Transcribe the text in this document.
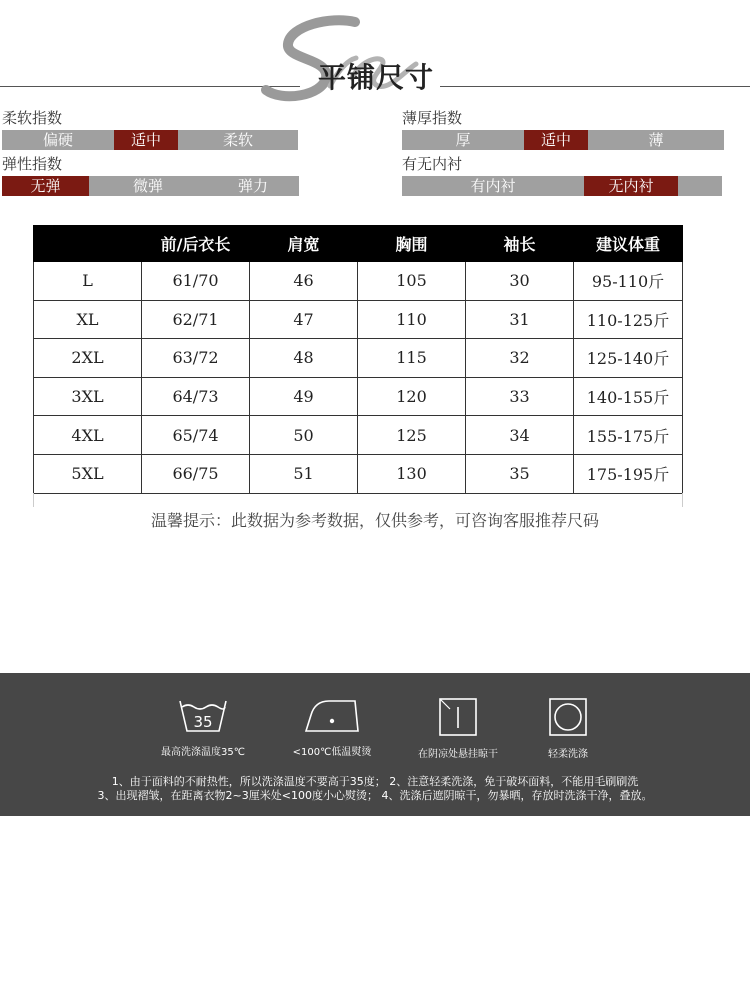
平铺尺寸
柔软指数
偏硬	适中	柔软
薄厚指数
厚	适中	薄
弹性指数
无弹	微弹	弹力
有无内衬
有内衬	无内衬
	前/后衣长	肩宽	胸围	袖长	建议体重
L	61/70	46	105	30	95-110斤
XL	62/71	47	110	31	110-125斤
2XL	63/72	48	115	32	125-140斤
3XL	64/73	49	120	33	140-155斤
4XL	65/74	50	125	34	155-175斤
5XL	66/75	51	130	35	175-195斤
温馨提示：此数据为参考数据，仅供参考，可咨询客服推荐尺码
35
最高洗涤温度35℃	<100℃低温熨烫	在阴凉处悬挂晾干	轻柔洗涤
1、由于面料的不耐热性，所以洗涤温度不要高于35度； 2、注意轻柔洗涤，免于破坏面料，不能用毛刷刷洗
3、出现褶皱，在距离衣物2~3厘米处<100度小心熨烫； 4、洗涤后遮阴晾干，勿暴晒，存放时洗涤干净，叠放。
